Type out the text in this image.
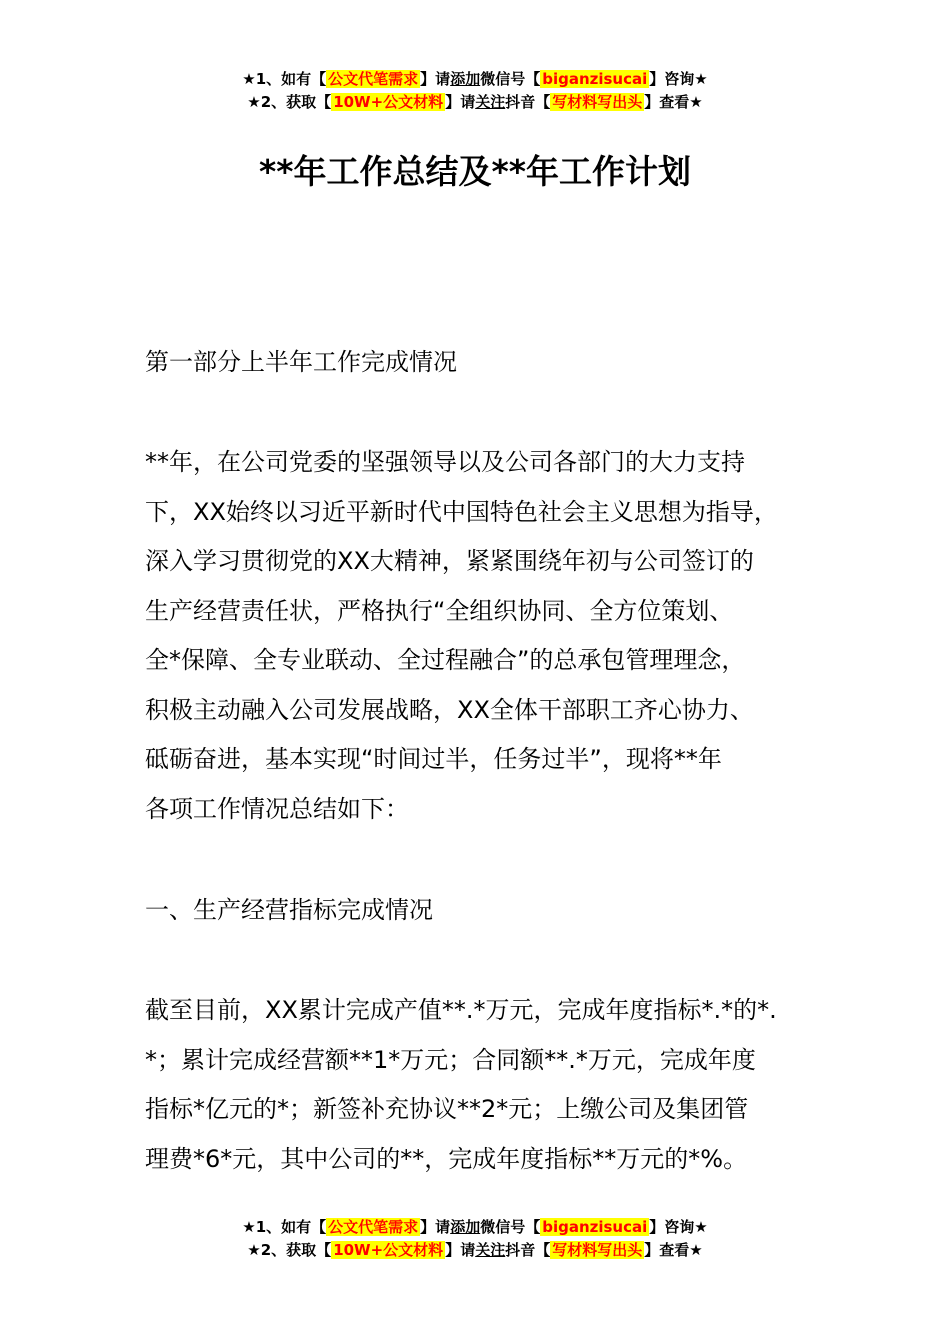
★1、如有【 公文代笔需求 】请添加微信号【 biganzisucai 】咨询★
★2、获取【 10W+公文材料 】请关注抖音【 写材料写出头 】查看★
**年工作总结及**年工作计划

第一部分上半年工作完成情况

**年，在公司党委的坚强领导以及公司各部门的大力支持

下，XX始终以习近平新时代中国特色社会主义思想为指导，

深入学习贯彻党的XX大精神，紧紧围绕年初与公司签订的

生产经营责任状，严格执行“全组织协同、全方位策划、

全*保障、全专业联动、全过程融合”的总承包管理理念，

积极主动融入公司发展战略，XX全体干部职工齐心协力、

砥砺奋进，基本实现“时间过半，任务过半”，现将**年

各项工作情况总结如下：

一、生产经营指标完成情况

截至目前，XX累计完成产值**.*万元，完成年度指标*.*的*.

*；累计完成经营额**1*万元；合同额**.*万元，完成年度

指标*亿元的*；新签补充协议**2*元；上缴公司及集团管

理费*6*元，其中公司的**，完成年度指标**万元的*%。

★1、如有【 公文代笔需求 】请添加微信号【 biganzisucai 】咨询★
★2、获取【 10W+公文材料 】请关注抖音【 写材料写出头 】查看★
